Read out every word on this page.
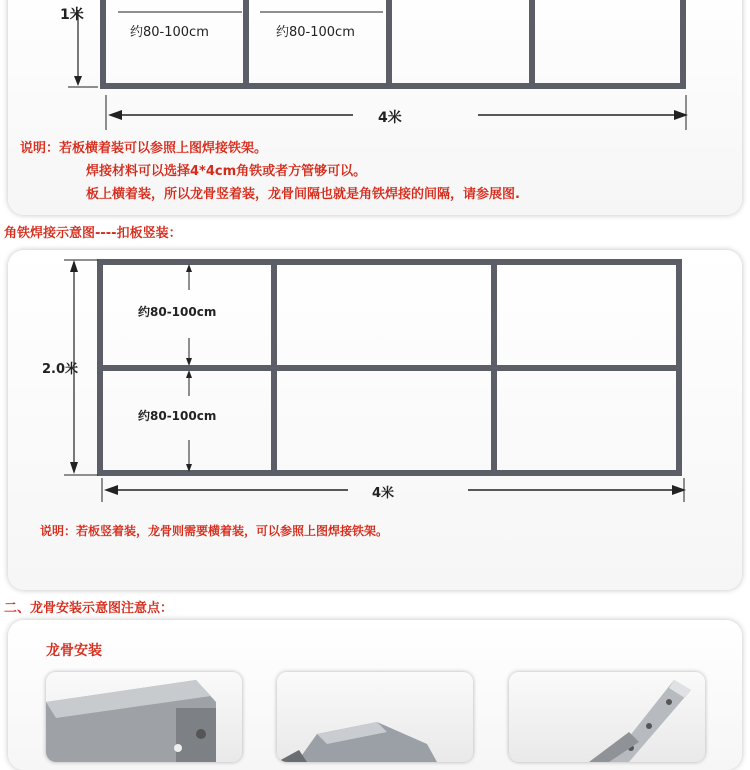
1米
约80-100cm	约80-100cm
4米
说明：若板横着装可以参照上图焊接铁架。
焊接材料可以选择4*4cm角铁或者方管够可以。
板上横着装，所以龙骨竖着装，龙骨间隔也就是角铁焊接的间隔，请参展图.
角铁焊接示意图----扣板竖装：
2.0米
约80-100cm
约80-100cm
4米
说明：若板竖着装，龙骨则需要横着装，可以参照上图焊接铁架。
二、龙骨安装示意图注意点：
龙骨安装
